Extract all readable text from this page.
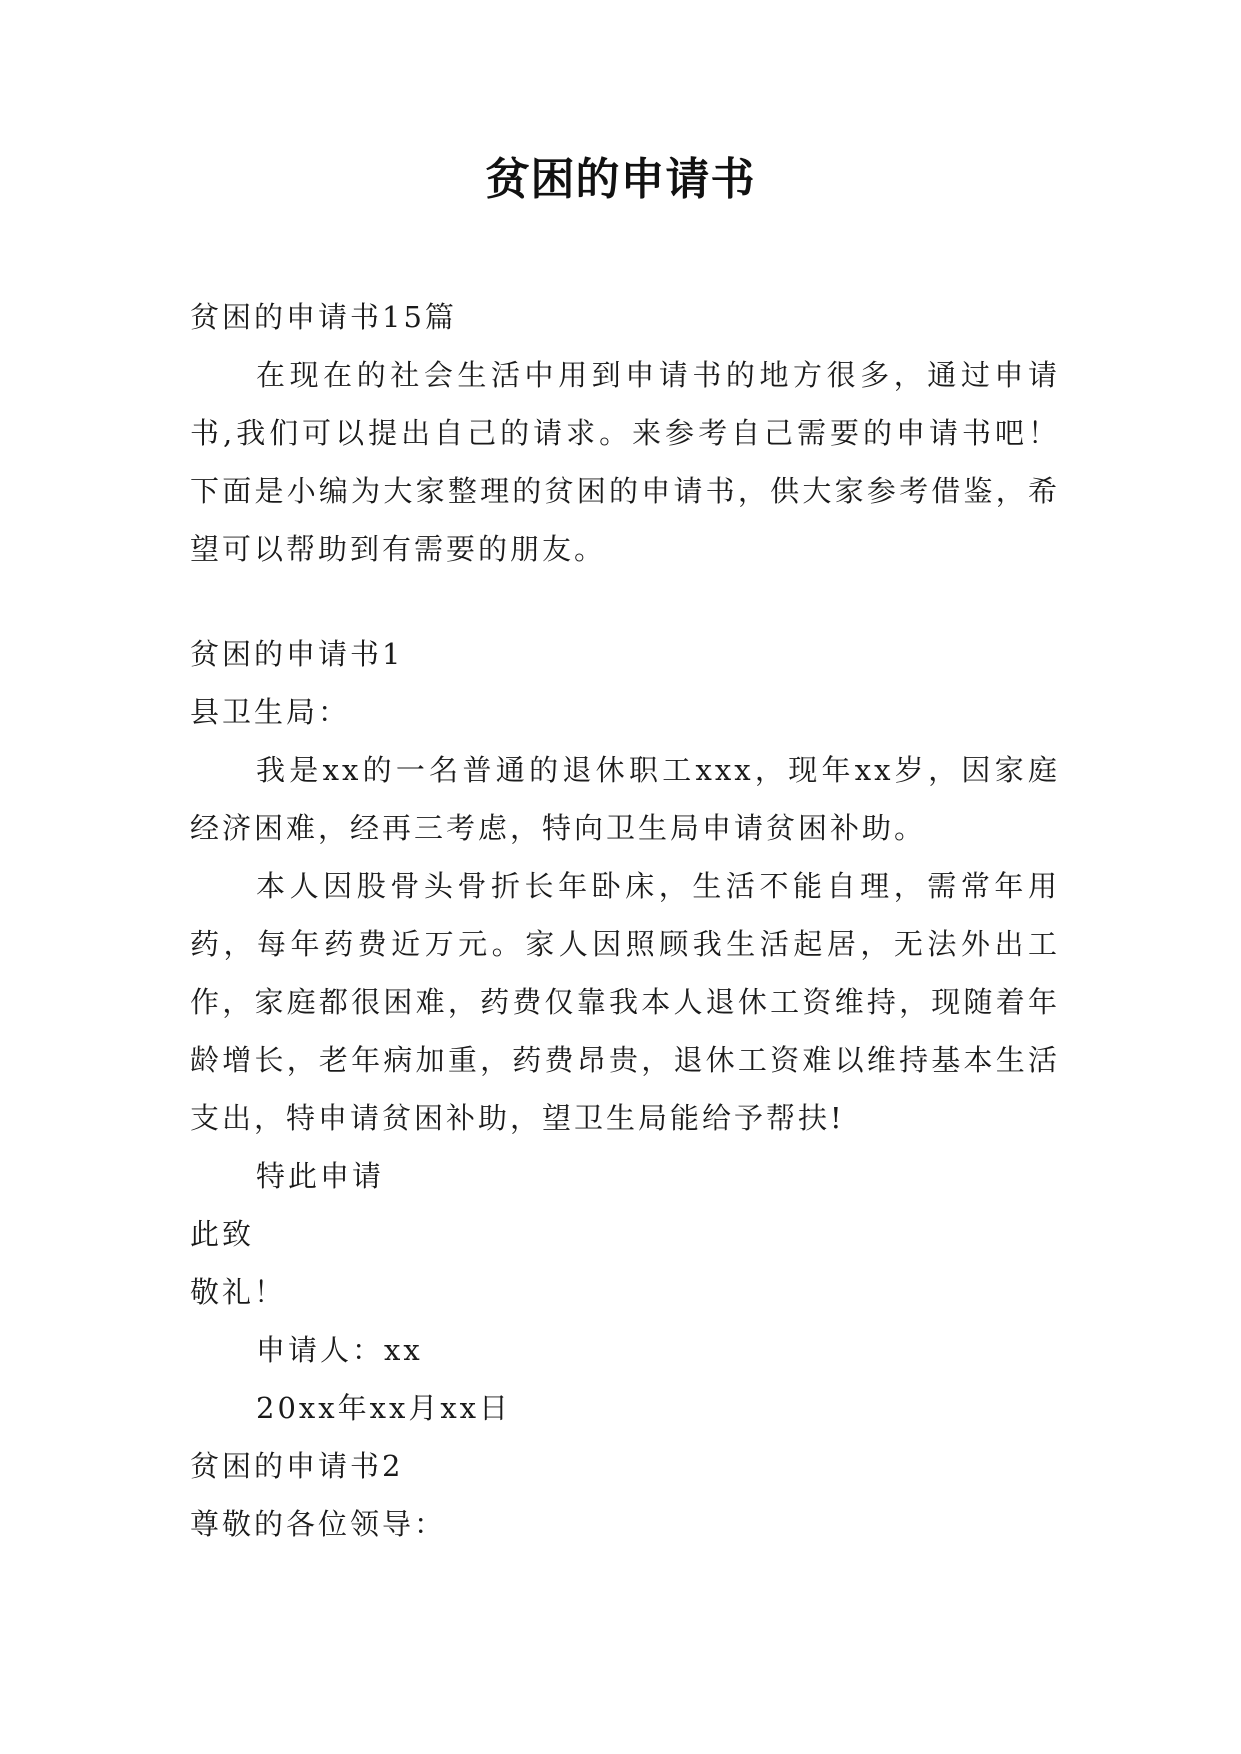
贫困的申请书
贫困的申请书15篇
在现在的社会生活中用到申请书的地方很多，通过申请书,我们可以提出自己的请求。来参考自己需要的申请书吧！下面是小编为大家整理的贫困的申请书，供大家参考借鉴，希望可以帮助到有需要的朋友。
贫困的申请书1
县卫生局：
我是xx的一名普通的退休职工xxx，现年xx岁，因家庭经济困难，经再三考虑，特向卫生局申请贫困补助。
本人因股骨头骨折长年卧床，生活不能自理，需常年用药，每年药费近万元。家人因照顾我生活起居，无法外出工作，家庭都很困难，药费仅靠我本人退休工资维持，现随着年龄增长，老年病加重，药费昂贵，退休工资难以维持基本生活支出，特申请贫困补助，望卫生局能给予帮扶!
特此申请
此致
敬礼！
申请人：xx
20xx年xx月xx日
贫困的申请书2
尊敬的各位领导：
